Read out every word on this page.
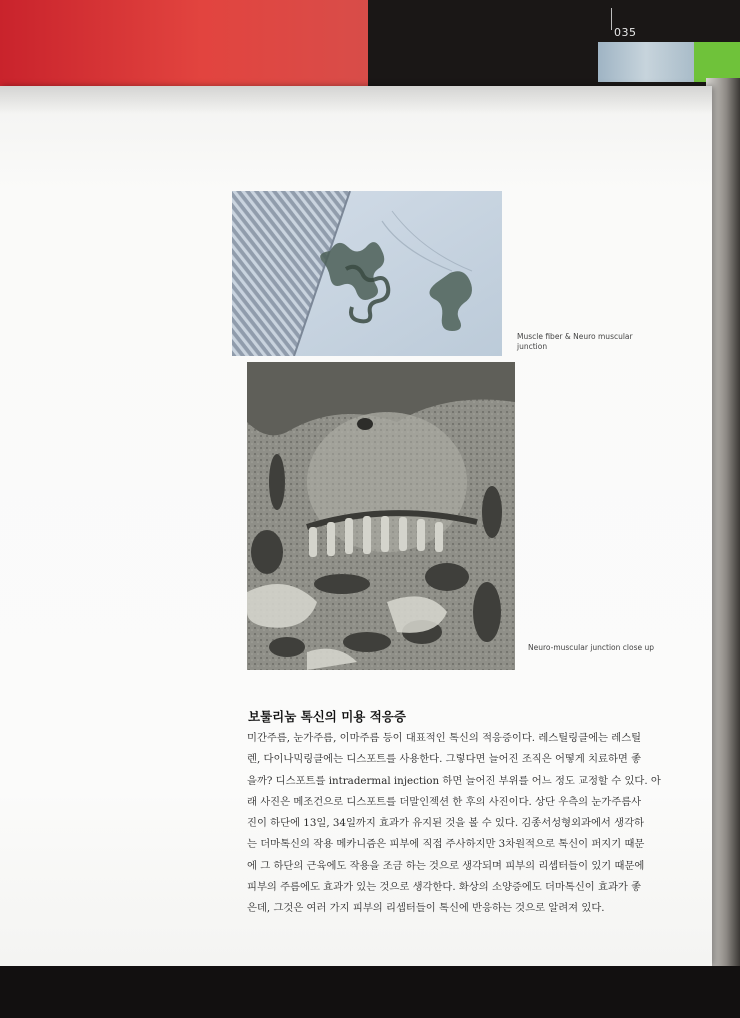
035
Muscle fiber & Neuro muscular junction
Neuro-muscular junction close up
보툴리눔 톡신의 미용 적응증

미간주름, 눈가주름, 이마주름 등이 대표적인 톡신의 적응증이다. 레스틸링클에는 레스틸

렌, 다이나믹링클에는 디스포트를 사용한다. 그렇다면 늘어진 조직은 어떻게 치료하면 좋

을까? 디스포트를 intradermal injection 하면 늘어진 부위를 어느 정도 교정할 수 있다. 아

래 사진은 메조건으로 디스포트를 더말인젝션 한 후의 사진이다. 상단 우측의 눈가주름사

진이 하단에 13일, 34일까지 효과가 유지된 것을 볼 수 있다. 김종서성형외과에서 생각하

는 더마톡신의 작용 메카니즘은 피부에 직접 주사하지만 3차원적으로 톡신이 퍼지기 때문

에 그 하단의 근육에도 작용을 조금 하는 것으로 생각되며 피부의 리셉터들이 있기 때문에

피부의 주름에도 효과가 있는 것으로 생각한다. 화상의 소양증에도 더마톡신이 효과가 좋

은데, 그것은 여러 가지 피부의 리셉터들이 톡신에 반응하는 것으로 알려져 있다.
